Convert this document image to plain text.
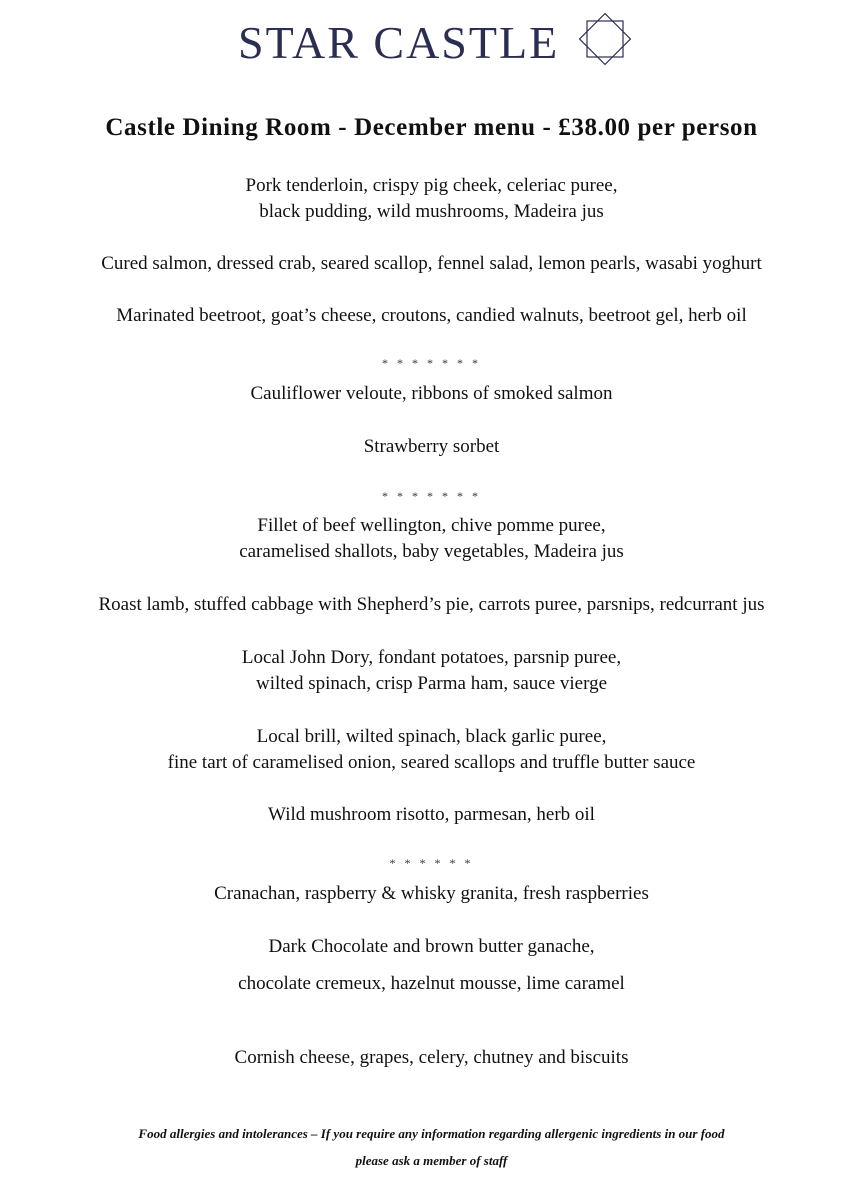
STAR CASTLE
Castle Dining Room - December menu - £38.00 per person
Pork tenderloin, crispy pig cheek, celeriac puree,
black pudding, wild mushrooms, Madeira jus
Cured salmon, dressed crab, seared scallop, fennel salad, lemon pearls, wasabi yoghurt
Marinated beetroot, goat’s cheese, croutons, candied walnuts, beetroot gel, herb oil
* * * * * * *
Cauliflower veloute, ribbons of smoked salmon
Strawberry sorbet
* * * * * * *
Fillet of beef wellington, chive pomme puree,
caramelised shallots, baby vegetables, Madeira jus
Roast lamb, stuffed cabbage with Shepherd’s pie, carrots puree, parsnips, redcurrant jus
Local John Dory, fondant potatoes, parsnip puree,
wilted spinach, crisp Parma ham, sauce vierge
Local brill, wilted spinach, black garlic puree,
fine tart of caramelised onion, seared scallops and truffle butter sauce
Wild mushroom risotto, parmesan, herb oil
* * * * * *
Cranachan, raspberry & whisky granita, fresh raspberries
Dark Chocolate and brown butter ganache,
chocolate cremeux, hazelnut mousse, lime caramel
Cornish cheese, grapes, celery, chutney and biscuits
Food allergies and intolerances – If you require any information regarding allergenic ingredients in our food
please ask a member of staff
